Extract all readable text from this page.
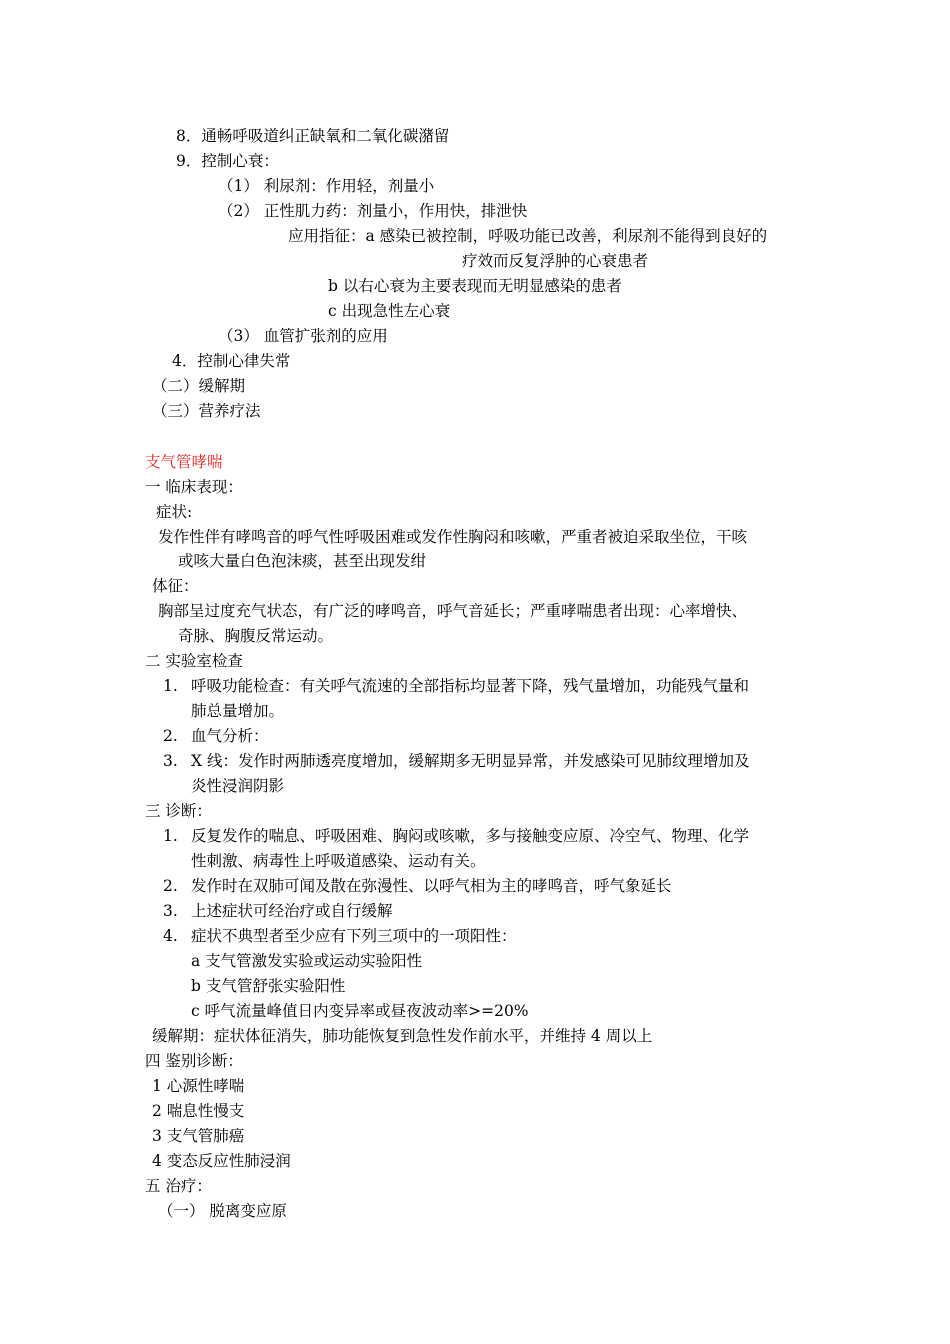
8．通畅呼吸道纠正缺氧和二氧化碳潴留
9．控制心衰：
（1） 利尿剂：作用轻，剂量小
（2） 正性肌力药：剂量小，作用快，排泄快
应用指征：a 感染已被控制，呼吸功能已改善，利尿剂不能得到良好的
疗效而反复浮肿的心衰患者
b 以右心衰为主要表现而无明显感染的患者
c 出现急性左心衰
（3） 血管扩张剂的应用
4．控制心律失常
（二）缓解期
（三）营养疗法
支气管哮喘
一 临床表现：
症状:
发作性伴有哮鸣音的呼气性呼吸困难或发作性胸闷和咳嗽，严重者被迫采取坐位，干咳
或咳大量白色泡沫痰，甚至出现发绀
体征：
胸部呈过度充气状态，有广泛的哮鸣音，呼气音延长；严重哮喘患者出现：心率增快、
奇脉、胸腹反常运动。
二 实验室检查
1. 呼吸功能检查：有关呼气流速的全部指标均显著下降，残气量增加，功能残气量和
肺总量增加。
2. 血气分析：
3. X 线：发作时两肺透亮度增加，缓解期多无明显异常，并发感染可见肺纹理增加及
炎性浸润阴影
三 诊断：
1. 反复发作的喘息、呼吸困难、胸闷或咳嗽，多与接触变应原、冷空气、物理、化学
性刺激、病毒性上呼吸道感染、运动有关。
2. 发作时在双肺可闻及散在弥漫性、以呼气相为主的哮鸣音，呼气象延长
3. 上述症状可经治疗或自行缓解
4. 症状不典型者至少应有下列三项中的一项阳性：
a 支气管激发实验或运动实验阳性
b 支气管舒张实验阳性
c 呼气流量峰值日内变异率或昼夜波动率>=20%
缓解期：症状体征消失，肺功能恢复到急性发作前水平，并维持 4 周以上
四 鉴别诊断：
1 心源性哮喘
2 喘息性慢支
3 支气管肺癌
4 变态反应性肺浸润
五 治疗：
（一） 脱离变应原
